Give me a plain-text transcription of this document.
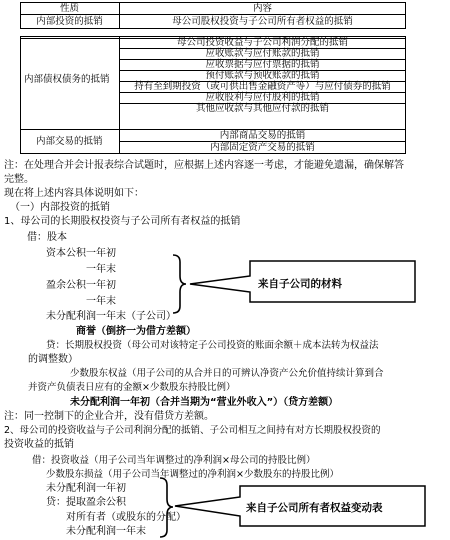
性质	内容
内部投资的抵销	母公司股权投资与子公司所有者权益的抵销
内部债权债务的抵销
母公司投资收益与子公司利润分配的抵销
应收账款与应付账款的抵销
应收票据与应付票据的抵销
预付账款与预收账款的抵销
持有至到期投资（或可供出售金融资产等）与应付债券的抵销
应收股利与应付股利的抵销
其他应收款与其他应付款的抵销
内部交易的抵销
内部商品交易的抵销
内部固定资产交易的抵销
注：在处理合并会计报表综合试题时，应根据上述内容逐一考虑，才能避免遗漏，确保解答
完整。
现在将上述内容具体说明如下：
（一）内部投资的抵销
1、母公司的长期股权投资与子公司所有者权益的抵销
借：股本
资本公积一年初
一年末
盈余公积一年初
一年末
未分配利润一年末（子公司）
商誉（倒挤一为借方差额）
贷：长期股权投资（母公司对该特定子公司投资的账面余额＋成本法转为权益法
的调整数）
少数股东权益（用子公司的从合并日的可辨认净资产公允价值持续计算到合
并资产负债表日应有的金额×少数股东持股比例）
未分配利润一年初（合并当期为“营业外收入”）（贷方差额）
注：同一控制下的企业合并，没有借贷方差额。
2、母公司的投资收益与子公司利润分配的抵销、子公司相互之间持有对方长期股权投资的
投资收益的抵销
借：投资收益（用子公司当年调整过的净利润×母公司的持股比例）
少数股东损益（用子公司当年调整过的净利润×少数股东的持股比例）
未分配利润一年初
贷：提取盈余公积
对所有者（或股东的分配）
未分配利润一年末
来自子公司的材料
来自子公司所有者权益变动表
